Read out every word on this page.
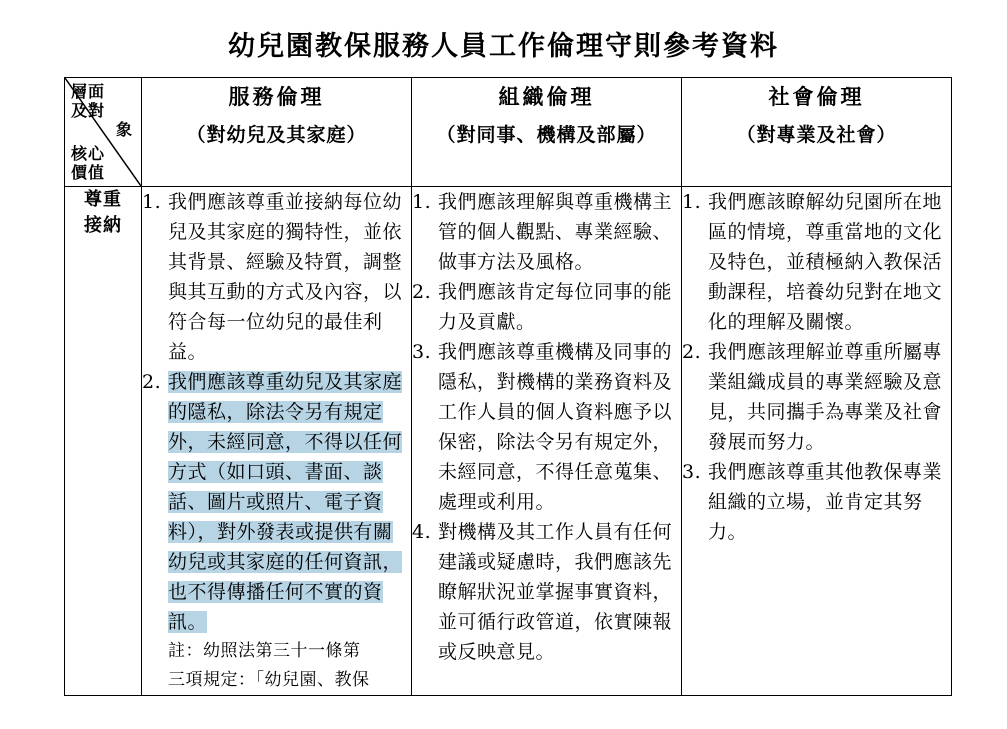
幼兒園教保服務人員工作倫理守則參考資料
層面
及對
象
核心
價值
	服務倫理
（對幼兒及其家庭）
	組織倫理
（對同事、機構及部屬）
	社會倫理
（對專業及社會）

尊重
接納

1. 我們應該尊重並接納每位幼兒及其家庭的獨特性，並依其背景、經驗及特質，調整與其互動的方式及內容，以符合每一位幼兒的最佳利益。
2. 我們應該尊重幼兒及其家庭的隱私，除法令另有規定外，未經同意，不得以任何方式（如口頭、書面、談話、圖片或照片、電子資料），對外發表或提供有關幼兒或其家庭的任何資訊，也不得傳播任何不實的資訊。
註：幼照法第三十一條第
三項規定：「幼兒園、教保

1. 我們應該理解與尊重機構主管的個人觀點、專業經驗、做事方法及風格。
2. 我們應該肯定每位同事的能力及貢獻。
3. 我們應該尊重機構及同事的隱私，對機構的業務資料及工作人員的個人資料應予以保密，除法令另有規定外，未經同意，不得任意蒐集、處理或利用。
4. 對機構及其工作人員有任何建議或疑慮時，我們應該先瞭解狀況並掌握事實資料，並可循行政管道，依實陳報或反映意見。

1. 我們應該瞭解幼兒園所在地區的情境，尊重當地的文化及特色，並積極納入教保活動課程，培養幼兒對在地文化的理解及關懷。
2. 我們應該理解並尊重所屬專業組織成員的專業經驗及意見，共同攜手為專業及社會發展而努力。
3. 我們應該尊重其他教保專業組織的立場，並肯定其努力。
